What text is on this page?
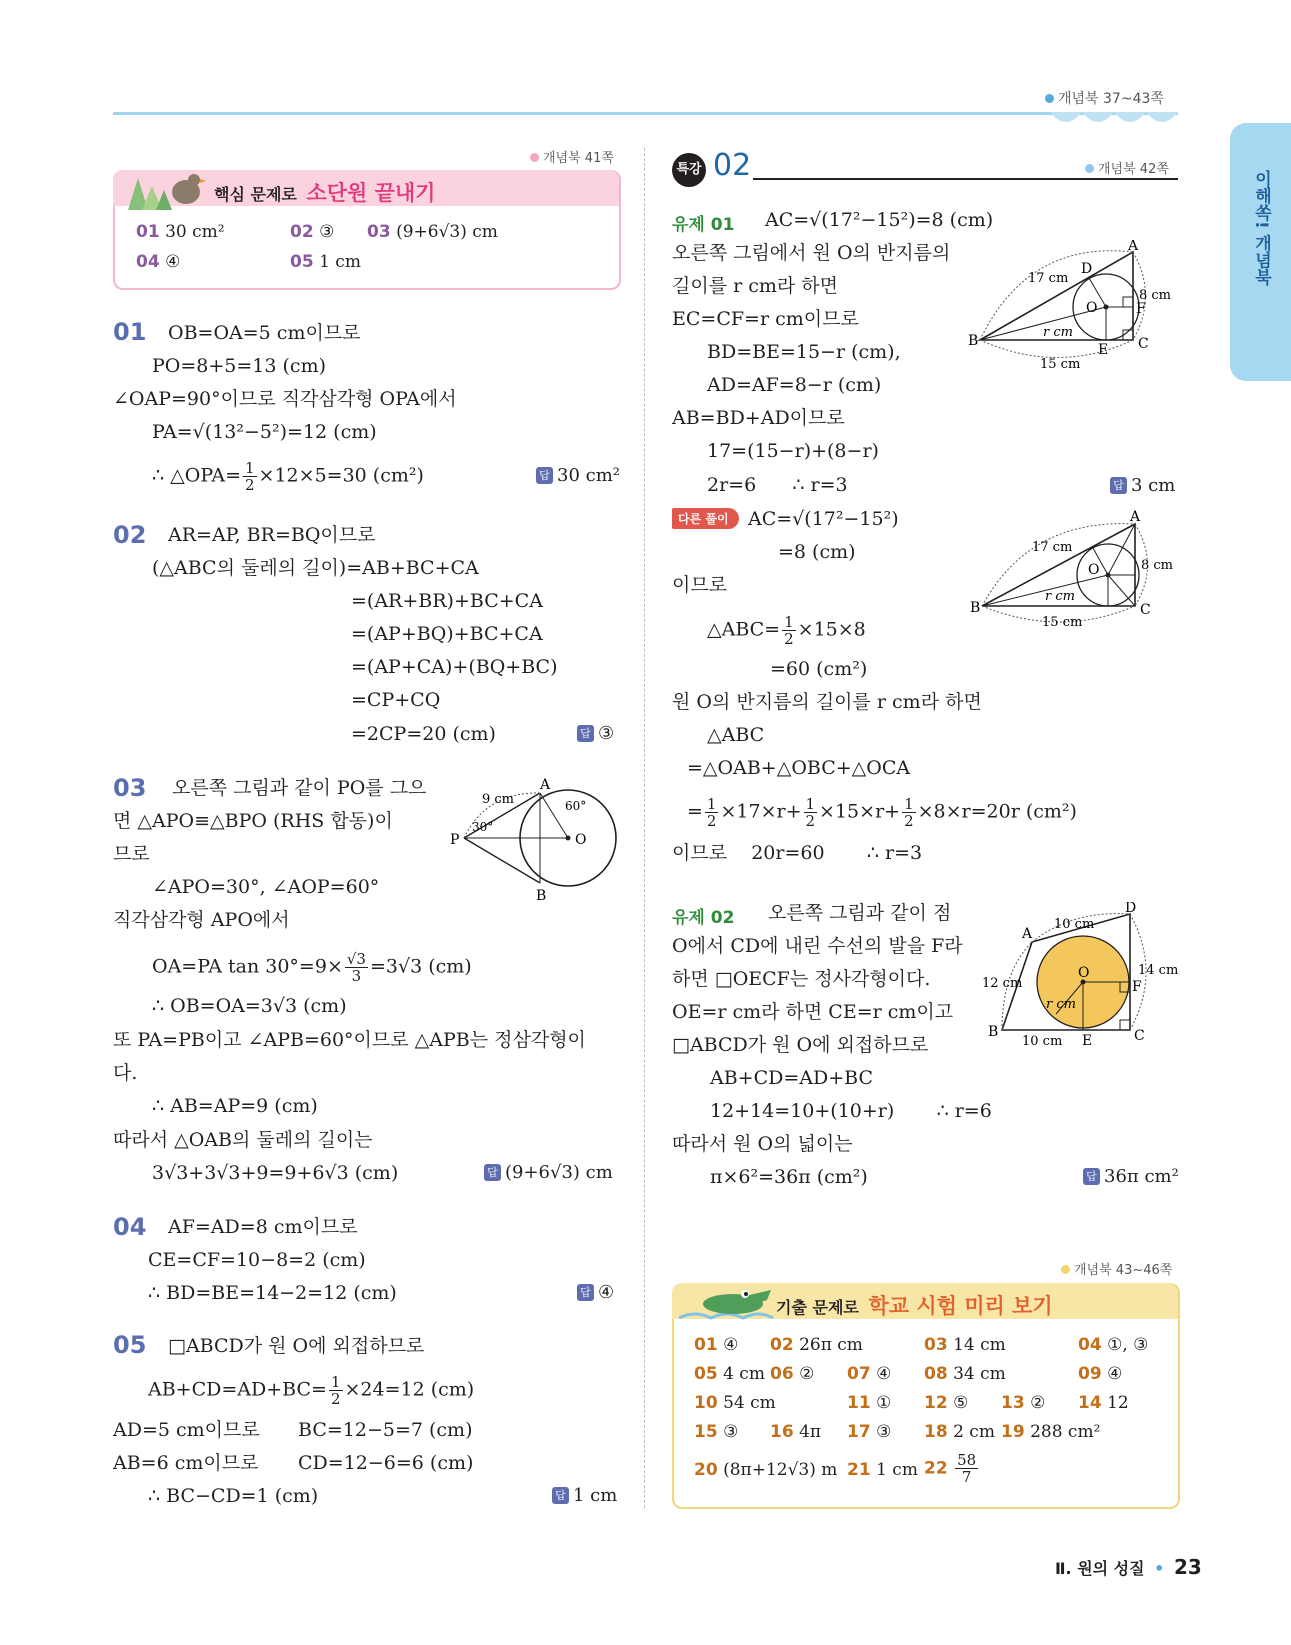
개념북 37~43쪽
이해쏙! 개념북
개념북 41쪽
핵심 문제로 소단원 끝내기
01 30 cm²	02 ③ 03 (9+6√3) cm
04 ④	05 1 cm
01 OB=OA=5 cm이므로
PO=8+5=13 (cm)
∠OAP=90°이므로 직각삼각형 OPA에서
PA=√(13²−5²)=12 (cm)
∴ △OPA= $\frac{1}{2} \times 12\times 5=30$ (cm²)	답 30 cm²
02 AR=AP, BR=BQ이므로
(△ABC의 둘레의 길이)=AB+BC+CA
=(AR+BR)+BC+CA
=(AP+BQ)+BC+CA
=(AP+CA)+(BQ+BC)
=CP+CQ
=2CP=20 (cm)	답 ③
03 오른쪽 그림과 같이 PO를 그으
면 △APO≡△BPO (RHS 합동)이
므로
∠APO=30°, ∠AOP=60°
직각삼각형 APO에서
OA=PA $\tan 30^\circ=9\times \frac{√3}{3} =3√3$ (cm)
∴ OB=OA=3√3 (cm)
또 PA=PB이고 ∠APB=60°이므로 △APB는 정삼각형이
다.
∴ AB=AP=9 (cm)
따라서 △OAB의 둘레의 길이는
3√3+3√3+9=9+6√3 (cm)	답 (9+6√3) cm
A
P	O
B
9 cm
30°
60°
04 AF=AD=8 cm이므로
CE=CF=10−8=2 (cm)
∴ BD=BE=14−2=12 (cm)	답 ④
05 □ABCD가 원 O에 외접하므로
$AB+CD=AD+BC= \frac{1}{2} \times 24=12$ (cm)
AD=5 cm이므로 BC=12−5=7 (cm)
AB=6 cm이므로 CD=12−6=6 (cm)
∴ BC−CD=1 (cm)	답 1 cm
특강 02	개념북 42쪽
유제 01 AC=√(17²−15²)=8 (cm)
오른쪽 그림에서 원 O의 반지름의
길이를 r cm라 하면
EC=CF=r cm이므로
BD=BE=15−r (cm),
AD=AF=8−r (cm)
AB=BD+AD이므로
17=(15−r)+(8−r)
2r=6      ∴ r=3	답 3 cm
A
B	C
D
E
F
O
17 cm
8 cm
15 cm
r cm
다른 풀이	AC=√(17²−15²)
=8 (cm)
이므로
△ABC= $\frac{1}{2} \times 15\times 8$
=60 (cm²)
원 O의 반지름의 길이를 r cm라 하면
△ABC
=△OAB+△OBC+△OCA
= $\frac{1}{2} \times 17\times r+ \frac{1}{2} \times 15\times r+ \frac{1}{2} \times 8\times r=20r$ (cm²)
이므로    20r=60       ∴ r=3
A
B	C
O
17 cm
8 cm
15 cm
r cm
유제 02 오른쪽 그림과 같이 점
O에서 CD에 내린 수선의 발을 F라
하면 □OECF는 정사각형이다.
OE=r cm라 하면 CE=r cm이고
□ABCD가 원 O에 외접하므로
AB+CD=AD+BC
12+14=10+(10+r)       ∴ r=6
따라서 원 O의 넓이는
π×6²=36π (cm²)	답 36π cm²
A
B	C
D
E
F
O
10 cm
12 cm
14 cm
10 cm
r cm
개념북 43~46쪽
기출 문제로 학교 시험 미리 보기
01 ④ 02 26π cm	03 14 cm	04 ①, ③
05 4 cm 06 ② 07 ④ 08 34 cm	09 ④
10 54 cm	11 ① 12 ⑤ 13 ② 14 12
15 ③ 16 4π 17 ③ 18 2 cm 19 288 cm²
20 (8π+12√3) m 21 1 cm $22 \frac{58}{7}$
Ⅱ. 원의 성질 • 23
